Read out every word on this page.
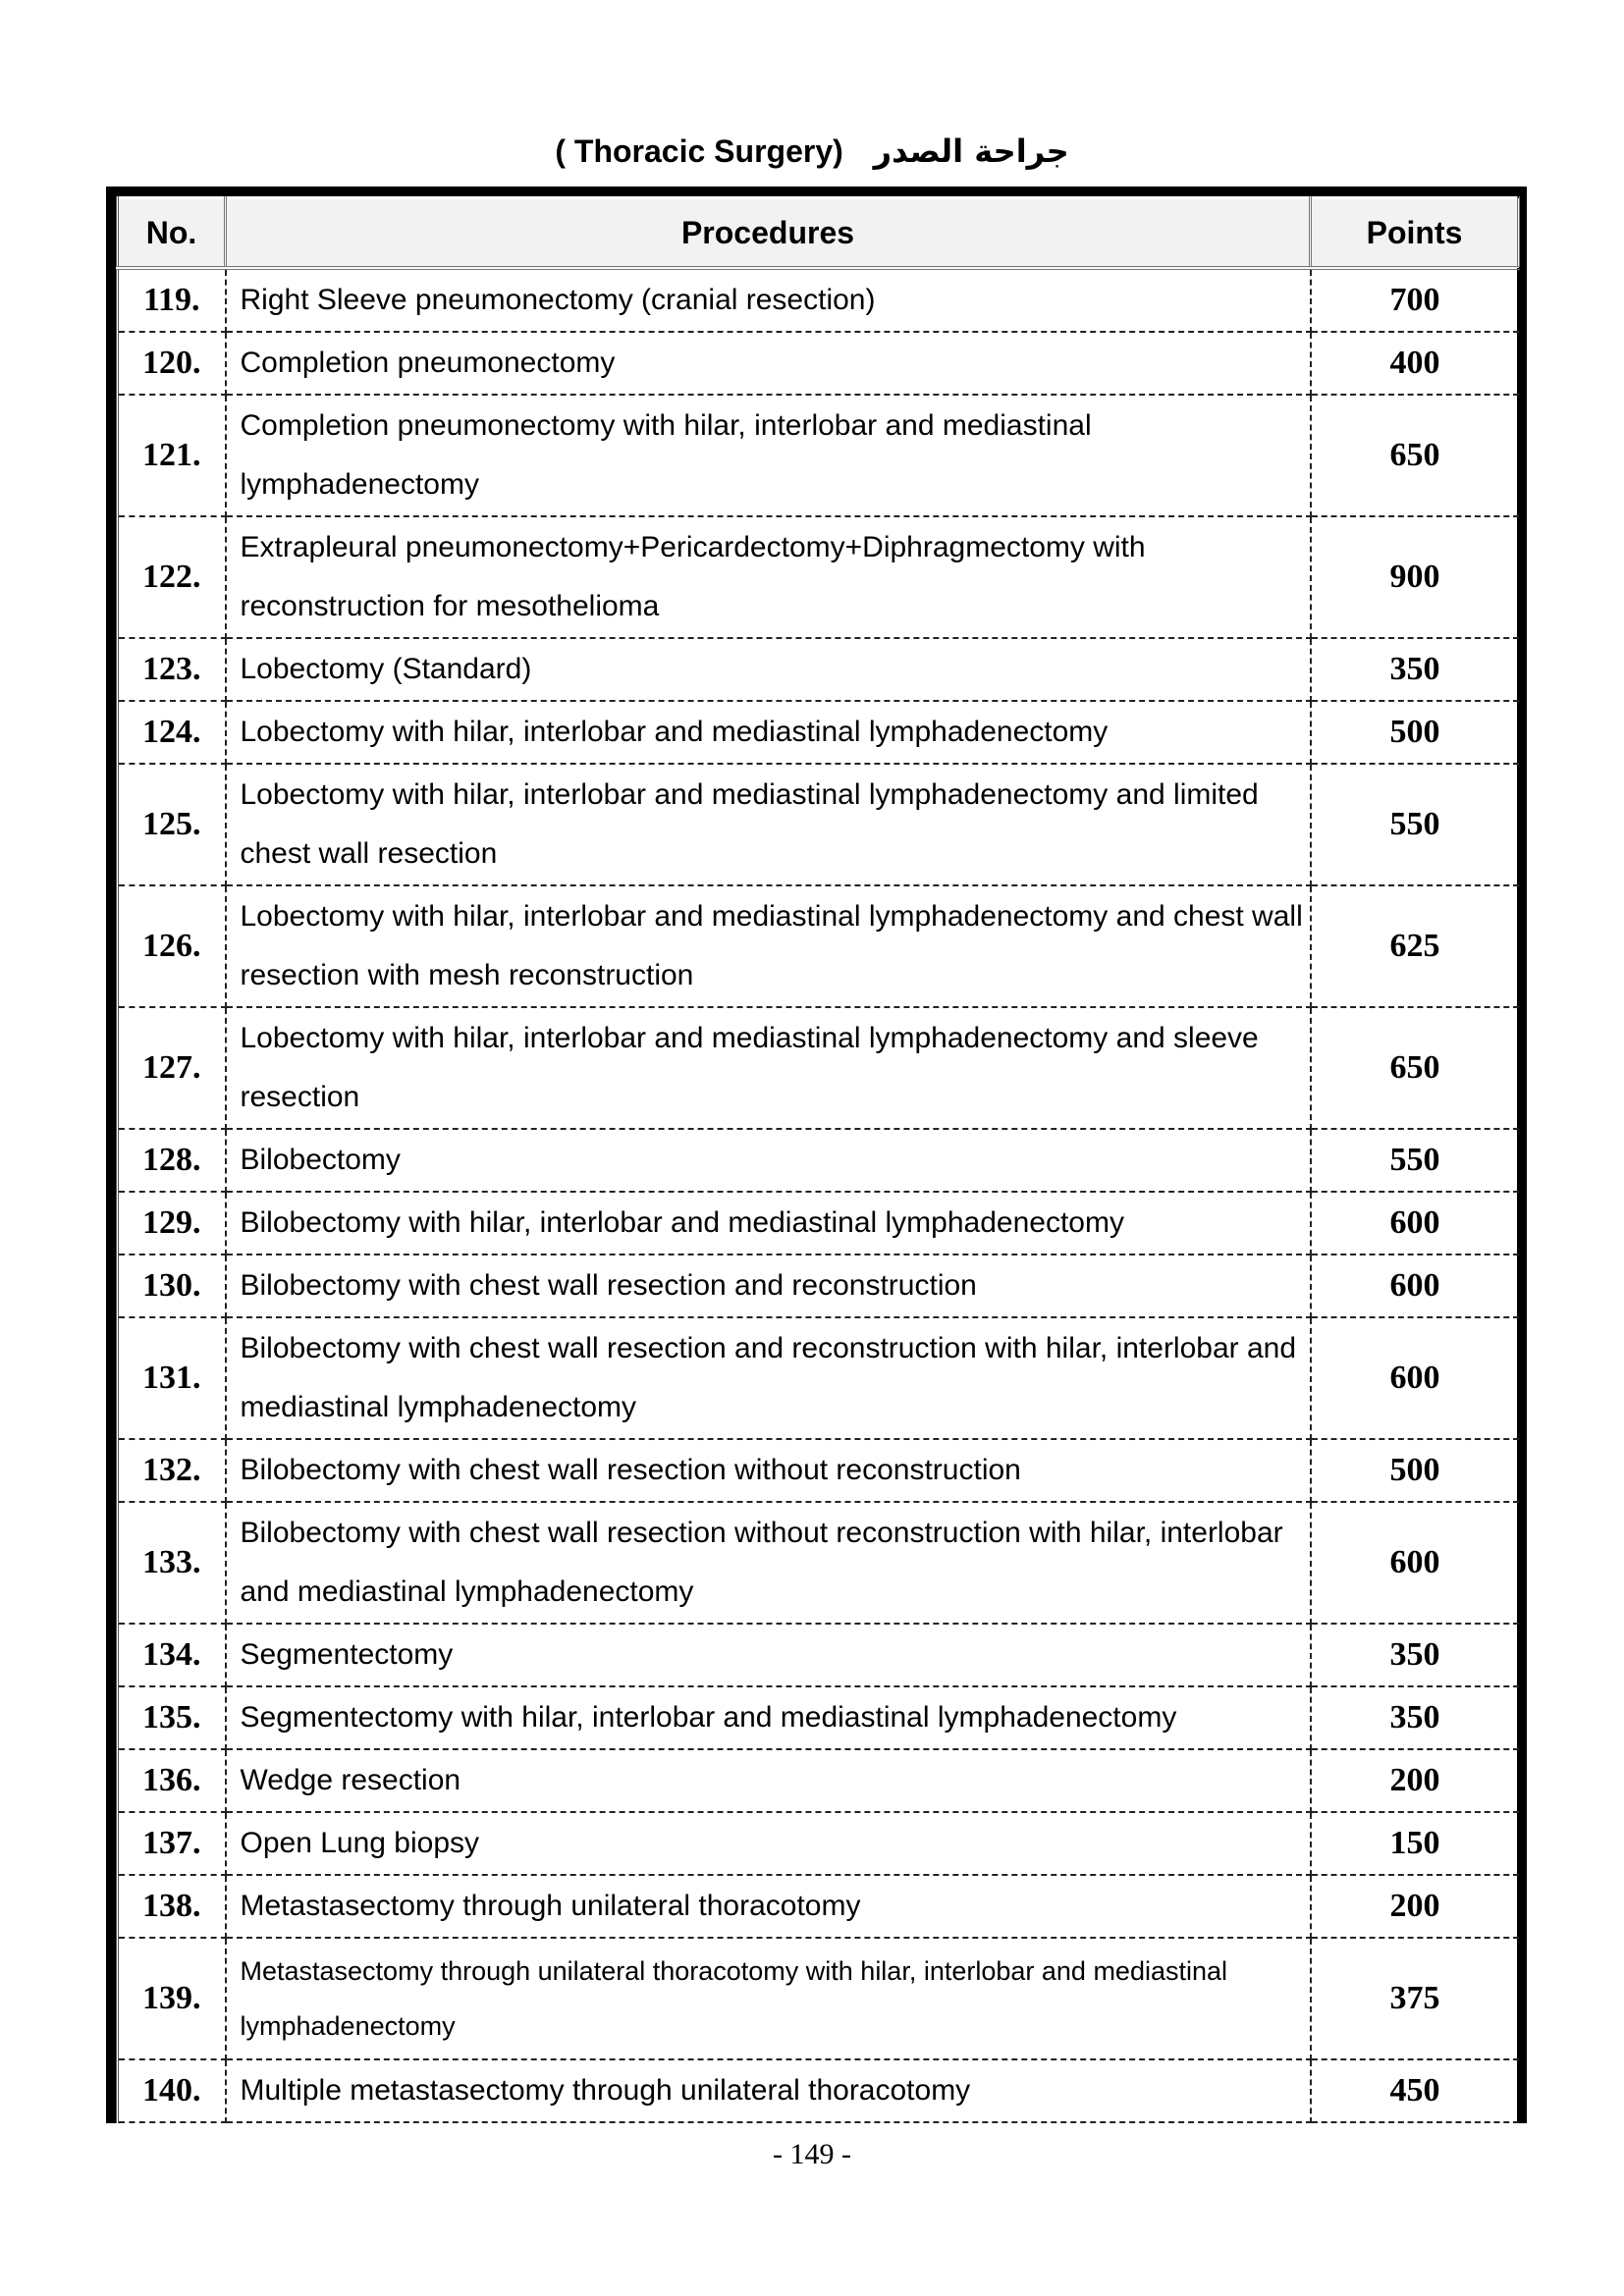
( Thoracic Surgery) جراحة الصدر
No.	Procedures	Points
119.	Right Sleeve pneumonectomy (cranial resection)	700
120.	Completion pneumonectomy	400
121.	Completion pneumonectomy with hilar, interlobar and mediastinal lymphadenectomy	650
122.	Extrapleural pneumonectomy+Pericardectomy+Diphragmectomy with reconstruction for mesothelioma	900
123.	Lobectomy (Standard)	350
124.	Lobectomy with hilar, interlobar and mediastinal lymphadenectomy	500
125.	Lobectomy with hilar, interlobar and mediastinal lymphadenectomy and limited chest wall resection	550
126.	Lobectomy with hilar, interlobar and mediastinal lymphadenectomy and chest wall resection with mesh reconstruction	625
127.	Lobectomy with hilar, interlobar and mediastinal lymphadenectomy and sleeve resection	650
128.	Bilobectomy	550
129.	Bilobectomy with hilar, interlobar and mediastinal lymphadenectomy	600
130.	Bilobectomy with chest wall resection and reconstruction	600
131.	Bilobectomy with chest wall resection and reconstruction with hilar, interlobar and mediastinal lymphadenectomy	600
132.	Bilobectomy with chest wall resection without reconstruction	500
133.	Bilobectomy with chest wall resection without reconstruction with hilar, interlobar and mediastinal lymphadenectomy	600
134.	Segmentectomy	350
135.	Segmentectomy with hilar, interlobar and mediastinal lymphadenectomy	350
136.	Wedge resection	200
137.	Open Lung biopsy	150
138.	Metastasectomy through unilateral thoracotomy	200
139.	Metastasectomy through unilateral thoracotomy with hilar, interlobar and mediastinal lymphadenectomy	375
140.	Multiple metastasectomy through unilateral thoracotomy	450
- 149 -
